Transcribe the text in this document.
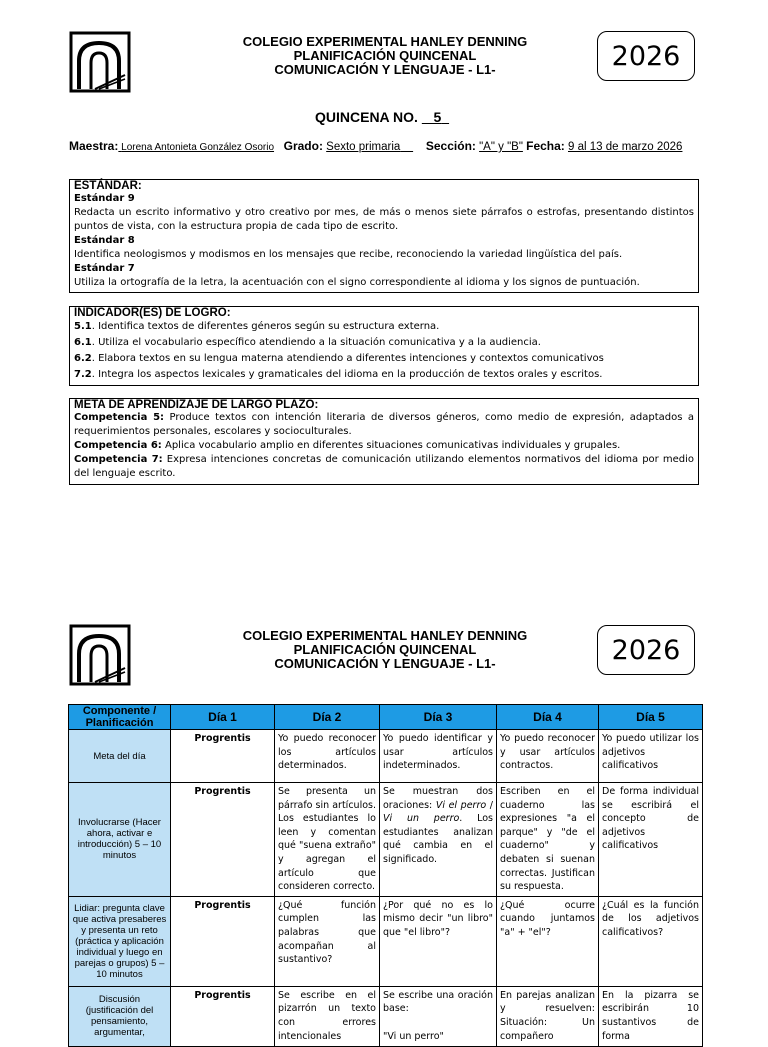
COLEGIO EXPERIMENTAL HANLEY DENNING
PLANIFICACIÓN QUINCENAL
COMUNICACIÓN Y LENGUAJE - L1-	2026
QUINCENA NO. 5
Maestra: Lorena Antonieta González Osorio Grado: Sexto primaria Sección: "A" y "B" Fecha: 9 al 13 de marzo 2026
ESTÁNDAR:
Estándar 9

Redacta un escrito informativo y otro creativo por mes, de más o menos siete párrafos o estrofas, presentando distintos puntos de vista, con la estructura propia de cada tipo de escrito.

Estándar 8

Identifica neologismos y modismos en los mensajes que recibe, reconociendo la variedad lingüística del país.

Estándar 7

Utiliza la ortografía de la letra, la acentuación con el signo correspondiente al idioma y los signos de puntuación.

INDICADOR(ES) DE LOGRO:

5.1. Identifica textos de diferentes géneros según su estructura externa.

6.1. Utiliza el vocabulario específico atendiendo a la situación comunicativa y a la audiencia.

6.2. Elabora textos en su lengua materna atendiendo a diferentes intenciones y contextos comunicativos

7.2. Integra los aspectos lexicales y gramaticales del idioma en la producción de textos orales y escritos.

META DE APRENDIZAJE DE LARGO PLAZO:

Competencia 5: Produce textos con intención literaria de diversos géneros, como medio de expresión, adaptados a requerimientos personales, escolares y socioculturales.

Competencia 6: Aplica vocabulario amplio en diferentes situaciones comunicativas individuales y grupales.

Competencia 7: Expresa intenciones concretas de comunicación utilizando elementos normativos del idioma por medio del lenguaje escrito.

COLEGIO EXPERIMENTAL HANLEY DENNING
PLANIFICACIÓN QUINCENAL
COMUNICACIÓN Y LENGUAJE - L1-	2026
Componente / Planificación	Día 1	Día 2	Día 3	Día 4	Día 5
Meta del día	Progrentis	Yo puedo reconocer los artículos determinados.	Yo puedo identificar y usar artículos indeterminados.	Yo puedo reconocer y usar artículos contractos.	Yo puedo utilizar los adjetivos calificativos
Involucrarse (Hacer ahora, activar e introducción) 5 – 10 minutos	Progrentis	Se presenta un párrafo sin artículos. Los estudiantes lo leen y comentan qué "suena extraño" y agregan el artículo que consideren correcto.	Se muestran dos oraciones: Vi el perro / Vi un perro. Los estudiantes analizan qué cambia en el significado.	Escriben en el cuaderno las expresiones "a el parque" y "de el cuaderno" y debaten si suenan correctas. Justifican su respuesta.	De forma individual se escribirá el concepto de adjetivos calificativos
Lidiar: pregunta clave que activa presaberes y presenta un reto (práctica y aplicación individual y luego en parejas o grupos) 5 – 10 minutos	Progrentis	¿Qué función cumplen las palabras que acompañan al sustantivo?	¿Por qué no es lo mismo decir "un libro" que "el libro"?	¿Qué ocurre cuando juntamos "a" + "el"?	¿Cuál es la función de los adjetivos calificativos?
Discusión (justificación del pensamiento, argumentar,	Progrentis	Se escribe en el pizarrón un texto con errores intencionales	Se escribe una oración base:

"Vi un perro"	En parejas analizan y resuelven: Situación: Un compañero	En la pizarra se escribirán 10 sustantivos de forma
